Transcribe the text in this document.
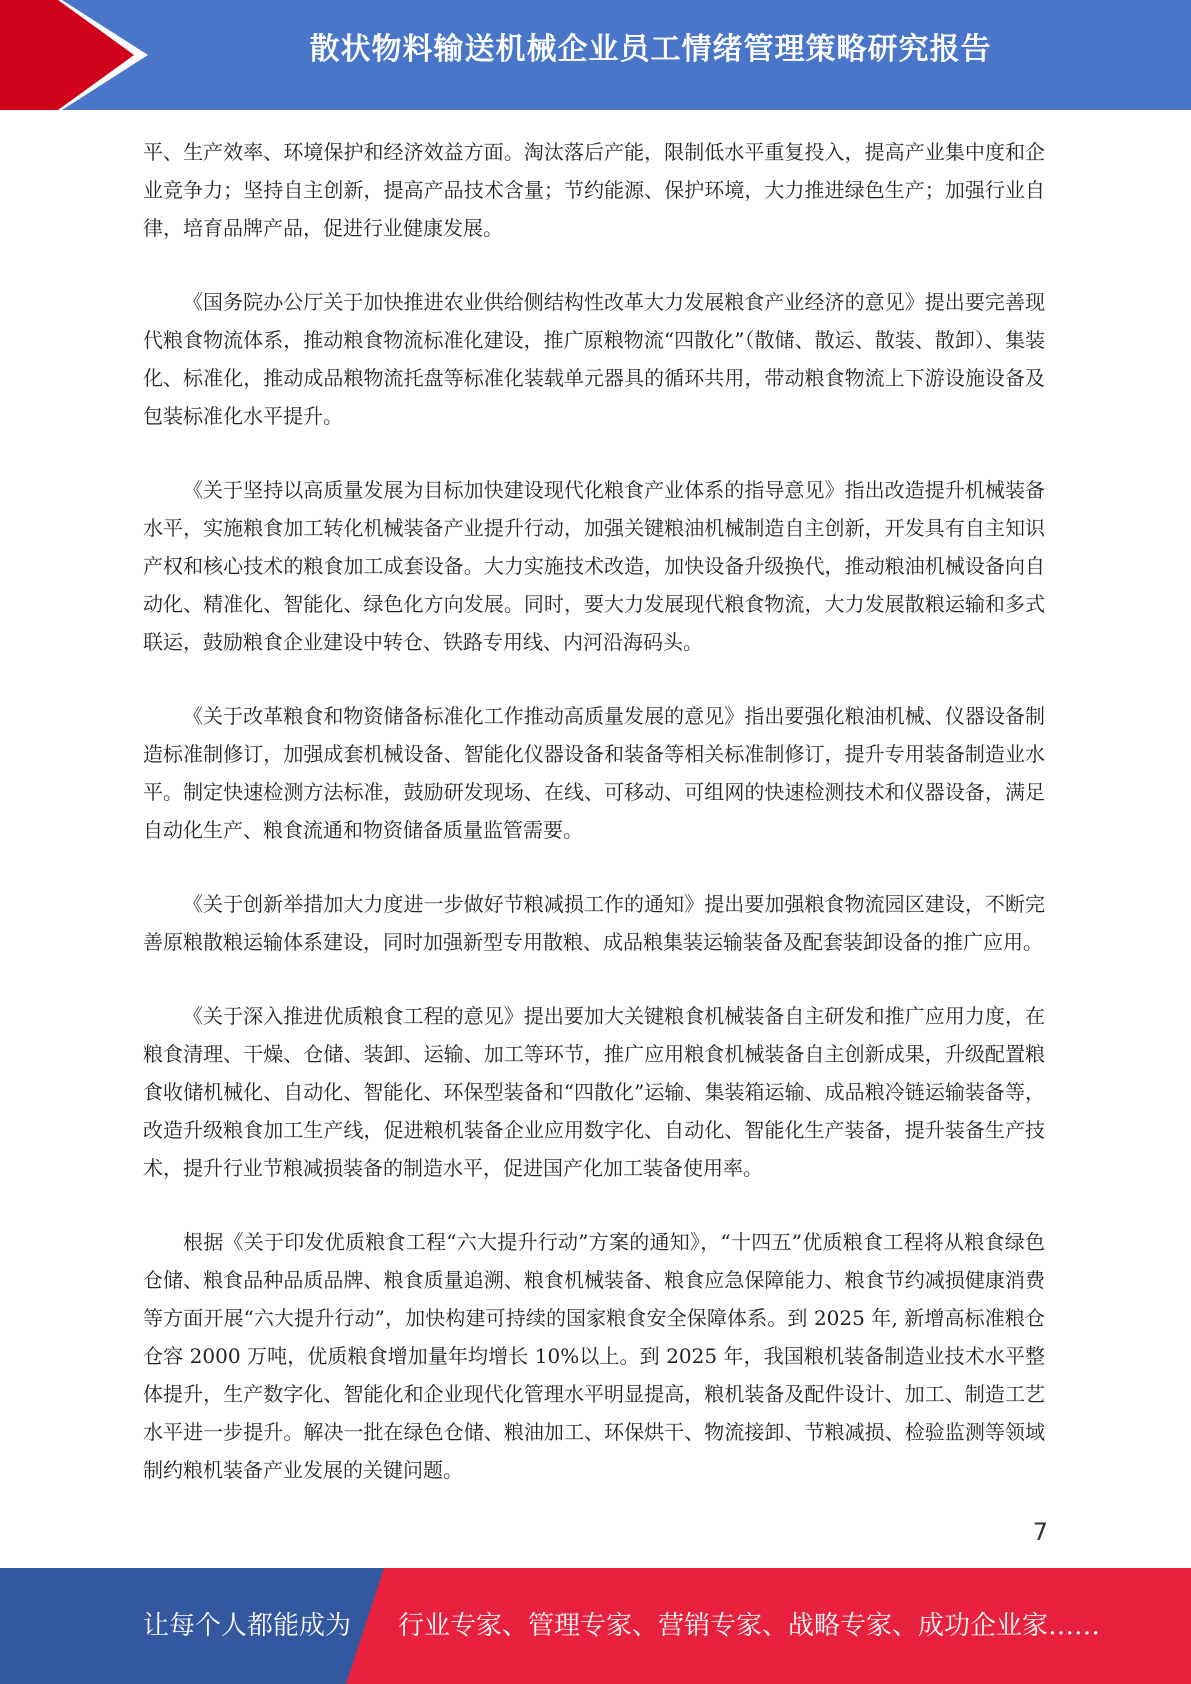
散状物料输送机械企业员工情绪管理策略研究报告

平、生产效率、环境保护和经济效益方面。淘汰落后产能，限制低水平重复投入，提高产业集中度和企业竞争力；坚持自主创新，提高产品技术含量；节约能源、保护环境，大力推进绿色生产；加强行业自律，培育品牌产品，促进行业健康发展。

《国务院办公厅关于加快推进农业供给侧结构性改革大力发展粮食产业经济的意见》提出要完善现代粮食物流体系，推动粮食物流标准化建设，推广原粮物流“四散化”（散储、散运、散装、散卸）、集装化、标准化，推动成品粮物流托盘等标准化装载单元器具的循环共用，带动粮食物流上下游设施设备及包装标准化水平提升。

《关于坚持以高质量发展为目标加快建设现代化粮食产业体系的指导意见》指出改造提升机械装备水平，实施粮食加工转化机械装备产业提升行动，加强关键粮油机械制造自主创新，开发具有自主知识产权和核心技术的粮食加工成套设备。大力实施技术改造，加快设备升级换代，推动粮油机械设备向自动化、精准化、智能化、绿色化方向发展。同时，要大力发展现代粮食物流，大力发展散粮运输和多式联运，鼓励粮食企业建设中转仓、铁路专用线、内河沿海码头。

《关于改革粮食和物资储备标准化工作推动高质量发展的意见》指出要强化粮油机械、仪器设备制造标准制修订，加强成套机械设备、智能化仪器设备和装备等相关标准制修订，提升专用装备制造业水平。制定快速检测方法标准，鼓励研发现场、在线、可移动、可组网的快速检测技术和仪器设备，满足自动化生产、粮食流通和物资储备质量监管需要。

《关于创新举措加大力度进一步做好节粮减损工作的通知》提出要加强粮食物流园区建设，不断完善原粮散粮运输体系建设，同时加强新型专用散粮、成品粮集装运输装备及配套装卸设备的推广应用。

《关于深入推进优质粮食工程的意见》提出要加大关键粮食机械装备自主研发和推广应用力度，在粮食清理、干燥、仓储、装卸、运输、加工等环节，推广应用粮食机械装备自主创新成果，升级配置粮食收储机械化、自动化、智能化、环保型装备和“四散化”运输、集装箱运输、成品粮冷链运输装备等，改造升级粮食加工生产线，促进粮机装备企业应用数字化、自动化、智能化生产装备，提升装备生产技术，提升行业节粮减损装备的制造水平，促进国产化加工装备使用率。

根据《关于印发优质粮食工程“六大提升行动”方案的通知》，“十四五”优质粮食工程将从粮食绿色仓储、粮食品种品质品牌、粮食质量追溯、粮食机械装备、粮食应急保障能力、粮食节约减损健康消费等方面开展“六大提升行动”，加快构建可持续的国家粮食安全保障体系。到 2025 年, 新增高标准粮仓仓容 2000 万吨，优质粮食增加量年均增长 10%以上。到 2025 年，我国粮机装备制造业技术水平整体提升，生产数字化、智能化和企业现代化管理水平明显提高，粮机装备及配件设计、加工、制造工艺水平进一步提升。解决一批在绿色仓储、粮油加工、环保烘干、物流接卸、节粮减损、检验监测等领域制约粮机装备产业发展的关键问题。

7
让每个人都能成为 行业专家、管理专家、营销专家、战略专家、成功企业家……
